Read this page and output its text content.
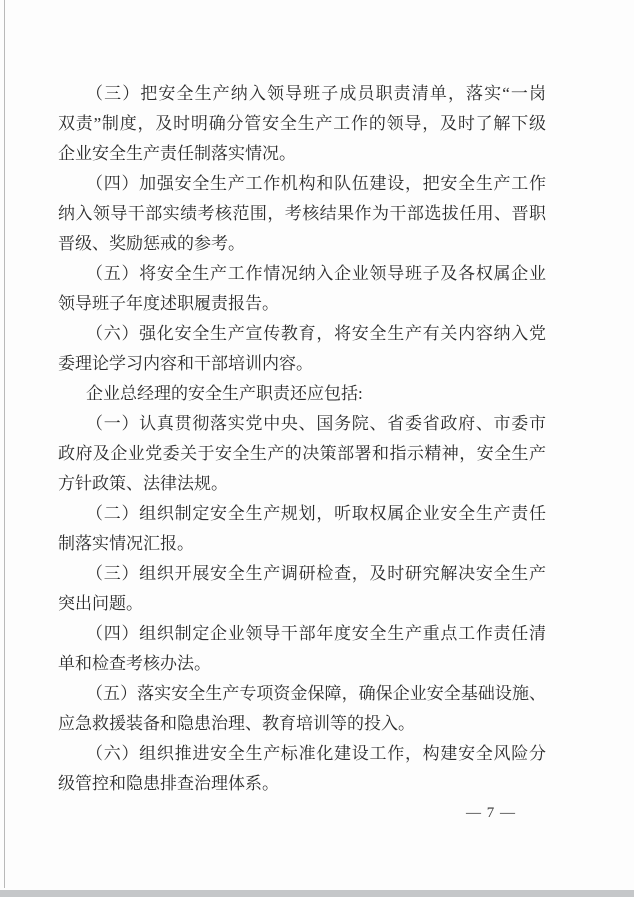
（三）把安全生产纳入领导班子成员职责清单，落实“一岗
双责”制度，及时明确分管安全生产工作的领导，及时了解下级
企业安全生产责任制落实情况。
（四）加强安全生产工作机构和队伍建设，把安全生产工作
纳入领导干部实绩考核范围，考核结果作为干部选拔任用、晋职
晋级、奖励惩戒的参考。
（五）将安全生产工作情况纳入企业领导班子及各权属企业
领导班子年度述职履责报告。
（六）强化安全生产宣传教育，将安全生产有关内容纳入党
委理论学习内容和干部培训内容。
企业总经理的安全生产职责还应包括:
（一）认真贯彻落实党中央、国务院、省委省政府、市委市
政府及企业党委关于安全生产的决策部署和指示精神，安全生产
方针政策、法律法规。
（二）组织制定安全生产规划，听取权属企业安全生产责任
制落实情况汇报。
（三）组织开展安全生产调研检查，及时研究解决安全生产
突出问题。
（四）组织制定企业领导干部年度安全生产重点工作责任清
单和检查考核办法。
（五）落实安全生产专项资金保障，确保企业安全基础设施、
应急救援装备和隐患治理、教育培训等的投入。
（六）组织推进安全生产标准化建设工作，构建安全风险分
级管控和隐患排查治理体系。
— 7 —
